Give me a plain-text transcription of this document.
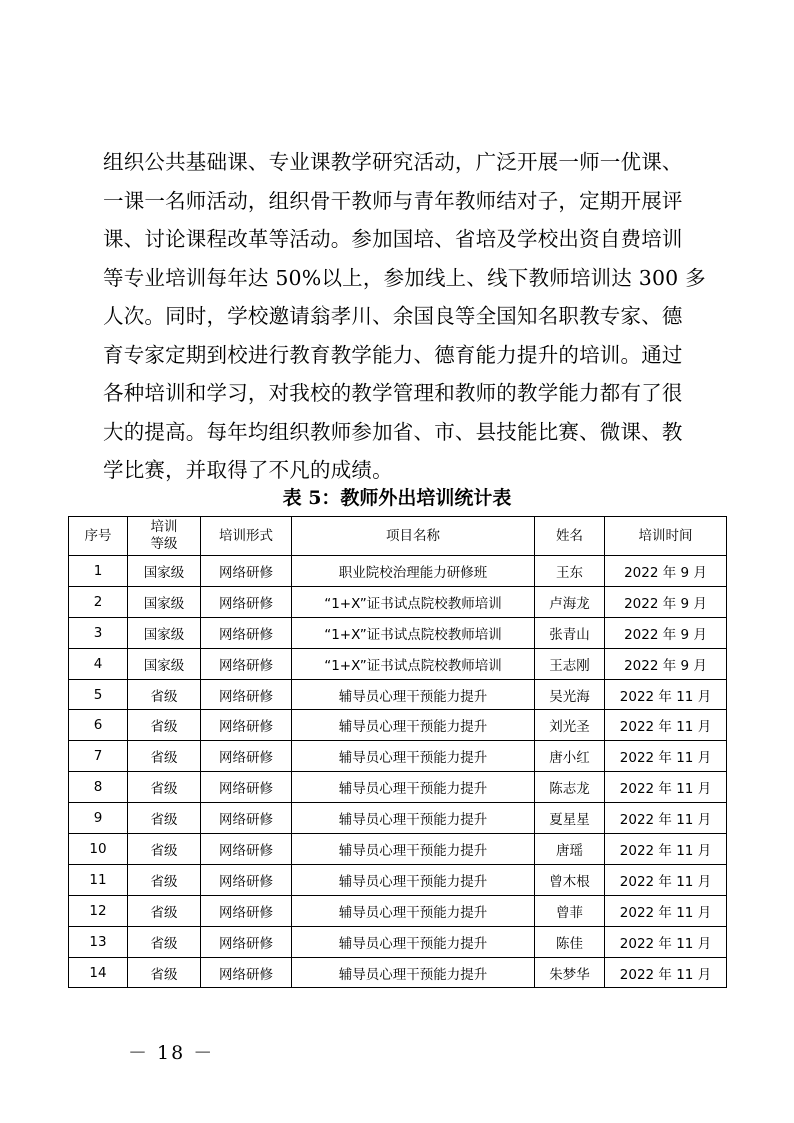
组织公共基础课、专业课教学研究活动，广泛开展一师一优课、
一课一名师活动，组织骨干教师与青年教师结对子，定期开展评
课、讨论课程改革等活动。参加国培、省培及学校出资自费培训
等专业培训每年达 50%以上，参加线上、线下教师培训达 300 多
人次。同时，学校邀请翁孝川、余国良等全国知名职教专家、德
育专家定期到校进行教育教学能力、德育能力提升的培训。通过
各种培训和学习，对我校的教学管理和教师的教学能力都有了很
大的提高。每年均组织教师参加省、市、县技能比赛、微课、教
学比赛，并取得了不凡的成绩。

表 5：教师外出培训统计表

序号	培训等级	培训形式	项目名称	姓名	培训时间
1	国家级	网络研修	职业院校治理能力研修班	王东	2022 年 9 月
2	国家级	网络研修	“1+X”证书试点院校教师培训	卢海龙	2022 年 9 月
3	国家级	网络研修	“1+X”证书试点院校教师培训	张青山	2022 年 9 月
4	国家级	网络研修	“1+X”证书试点院校教师培训	王志刚	2022 年 9 月
5	省级	网络研修	辅导员心理干预能力提升	吴光海	2022 年 11 月
6	省级	网络研修	辅导员心理干预能力提升	刘光圣	2022 年 11 月
7	省级	网络研修	辅导员心理干预能力提升	唐小红	2022 年 11 月
8	省级	网络研修	辅导员心理干预能力提升	陈志龙	2022 年 11 月
9	省级	网络研修	辅导员心理干预能力提升	夏星星	2022 年 11 月
10	省级	网络研修	辅导员心理干预能力提升	唐瑶	2022 年 11 月
11	省级	网络研修	辅导员心理干预能力提升	曾木根	2022 年 11 月
12	省级	网络研修	辅导员心理干预能力提升	曾菲	2022 年 11 月
13	省级	网络研修	辅导员心理干预能力提升	陈佳	2022 年 11 月
14	省级	网络研修	辅导员心理干预能力提升	朱梦华	2022 年 11 月

－ 18 －
